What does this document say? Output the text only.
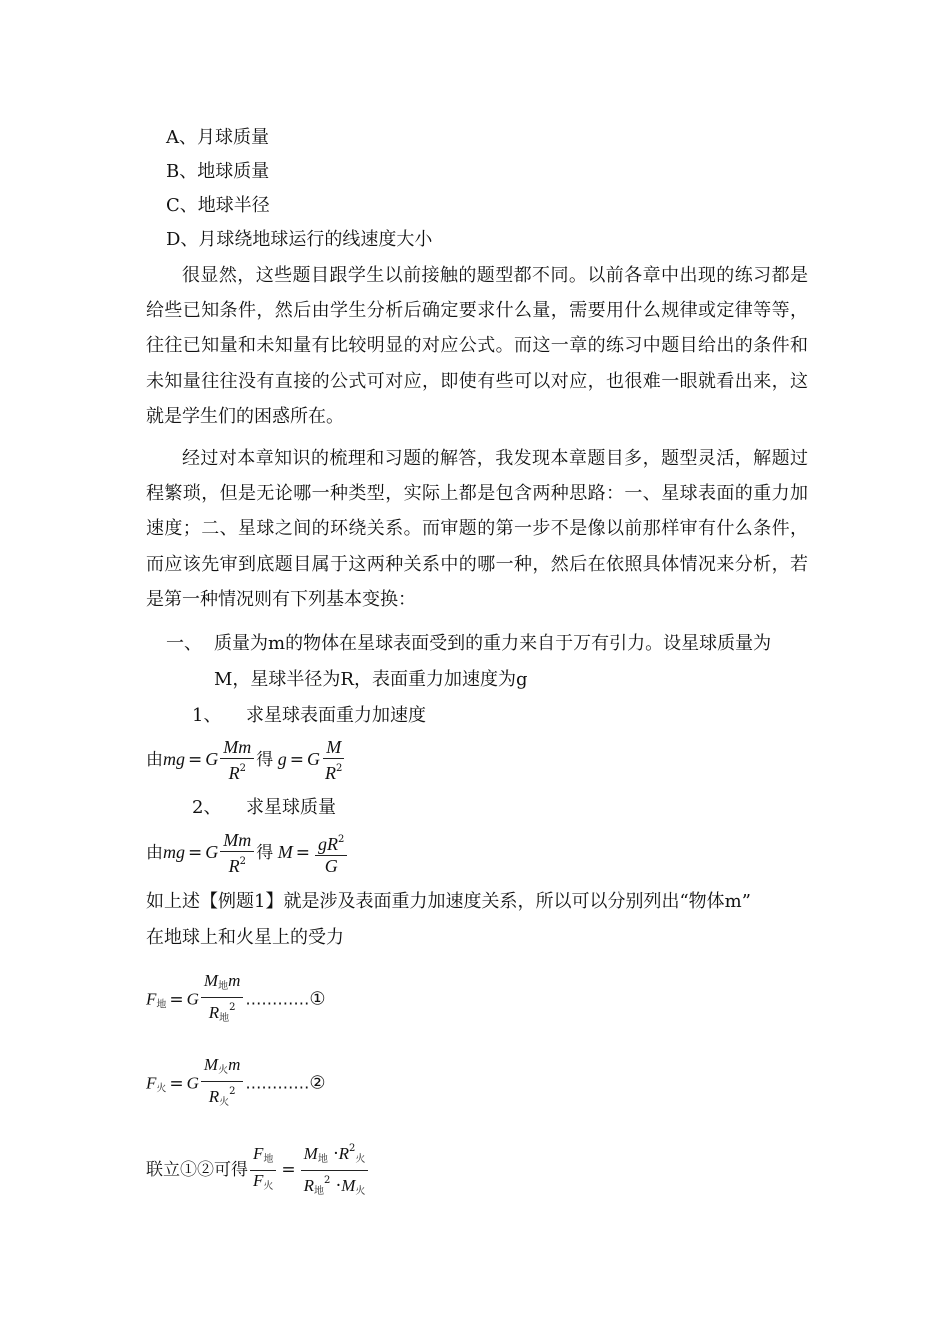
A、月球质量
B、地球质量
C、地球半径
D、月球绕地球运行的线速度大小
很显然，这些题目跟学生以前接触的题型都不同。以前各章中出现的练习都是给些已知条件，然后由学生分析后确定要求什么量，需要用什么规律或定律等等，往往已知量和未知量有比较明显的对应公式。而这一章的练习中题目给出的条件和未知量往往没有直接的公式可对应，即使有些可以对应，也很难一眼就看出来，这就是学生们的困惑所在。
经过对本章知识的梳理和习题的解答，我发现本章题目多，题型灵活，解题过程繁琐，但是无论哪一种类型，实际上都是包含两种思路：一、星球表面的重力加速度；二、星球之间的环绕关系。而审题的第一步不是像以前那样审有什么条件，而应该先审到底题目属于这两种关系中的哪一种，然后在依照具体情况来分析，若是第一种情况则有下列基本变换：
一、 质量为m的物体在星球表面受到的重力来自于万有引力。设星球质量为
M，星球半径为R，表面重力加速度为g
1、 求星球表面重力加速度
由mg = G $\frac{Mm}{R^2}$ 得 g = G $\frac{M}{R^2}$
2、 求星球质量
由mg = G $\frac{Mm}{R^2}$ 得 $M = \frac{gR^2}{G}$
如上述【例题1】就是涉及表面重力加速度关系，所以可以分别列出“物体m”
在地球上和火星上的受力
$F_地 = G \frac{M_地m}{R_地^2}$ …………①
$F_火 = G \frac{M_火m}{R_火^2}$ …………②
联立①②可得 $\frac{F_地}{F_火} = \frac{M_地 \cdot R^2_火}{R_地^2 \cdot M_火}$
